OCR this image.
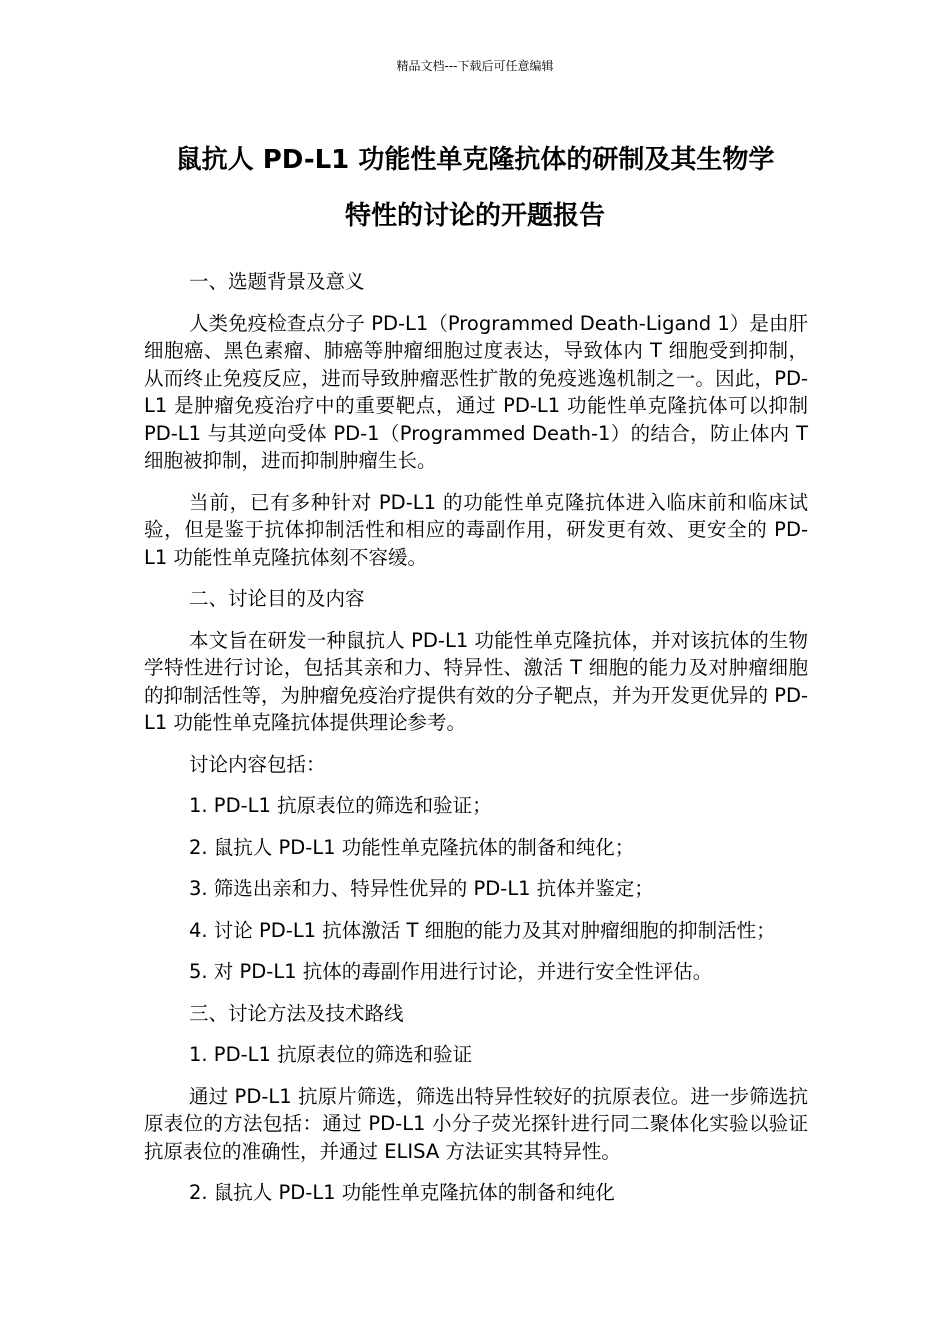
精品文档---下载后可任意编辑
鼠抗人 PD-L1 功能性单克隆抗体的研制及其生物学
特性的讨论的开题报告

一、选题背景及意义

人类免疫检查点分子 PD-L1（Programmed Death-Ligand 1）是由肝细胞癌、黑色素瘤、肺癌等肿瘤细胞过度表达，导致体内 T 细胞受到抑制，从而终止免疫反应，进而导致肿瘤恶性扩散的免疫逃逸机制之一。因此，PD-L1 是肿瘤免疫治疗中的重要靶点，通过 PD-L1 功能性单克隆抗体可以抑制 PD-L1 与其逆向受体 PD-1（Programmed Death-1）的结合，防止体内 T 细胞被抑制，进而抑制肿瘤生长。

当前，已有多种针对 PD-L1 的功能性单克隆抗体进入临床前和临床试验，但是鉴于抗体抑制活性和相应的毒副作用，研发更有效、更安全的 PD-L1 功能性单克隆抗体刻不容缓。

二、讨论目的及内容

本文旨在研发一种鼠抗人 PD-L1 功能性单克隆抗体，并对该抗体的生物学特性进行讨论，包括其亲和力、特异性、激活 T 细胞的能力及对肿瘤细胞的抑制活性等，为肿瘤免疫治疗提供有效的分子靶点，并为开发更优异的 PD-L1 功能性单克隆抗体提供理论参考。

讨论内容包括：

1. PD-L1 抗原表位的筛选和验证；

2. 鼠抗人 PD-L1 功能性单克隆抗体的制备和纯化；

3. 筛选出亲和力、特异性优异的 PD-L1 抗体并鉴定；

4. 讨论 PD-L1 抗体激活 T 细胞的能力及其对肿瘤细胞的抑制活性；

5. 对 PD-L1 抗体的毒副作用进行讨论，并进行安全性评估。

三、讨论方法及技术路线

1. PD-L1 抗原表位的筛选和验证

通过 PD-L1 抗原片筛选，筛选出特异性较好的抗原表位。进一步筛选抗原表位的方法包括：通过 PD-L1 小分子荧光探针进行同二聚体化实验以验证抗原表位的准确性，并通过 ELISA 方法证实其特异性。

2. 鼠抗人 PD-L1 功能性单克隆抗体的制备和纯化
